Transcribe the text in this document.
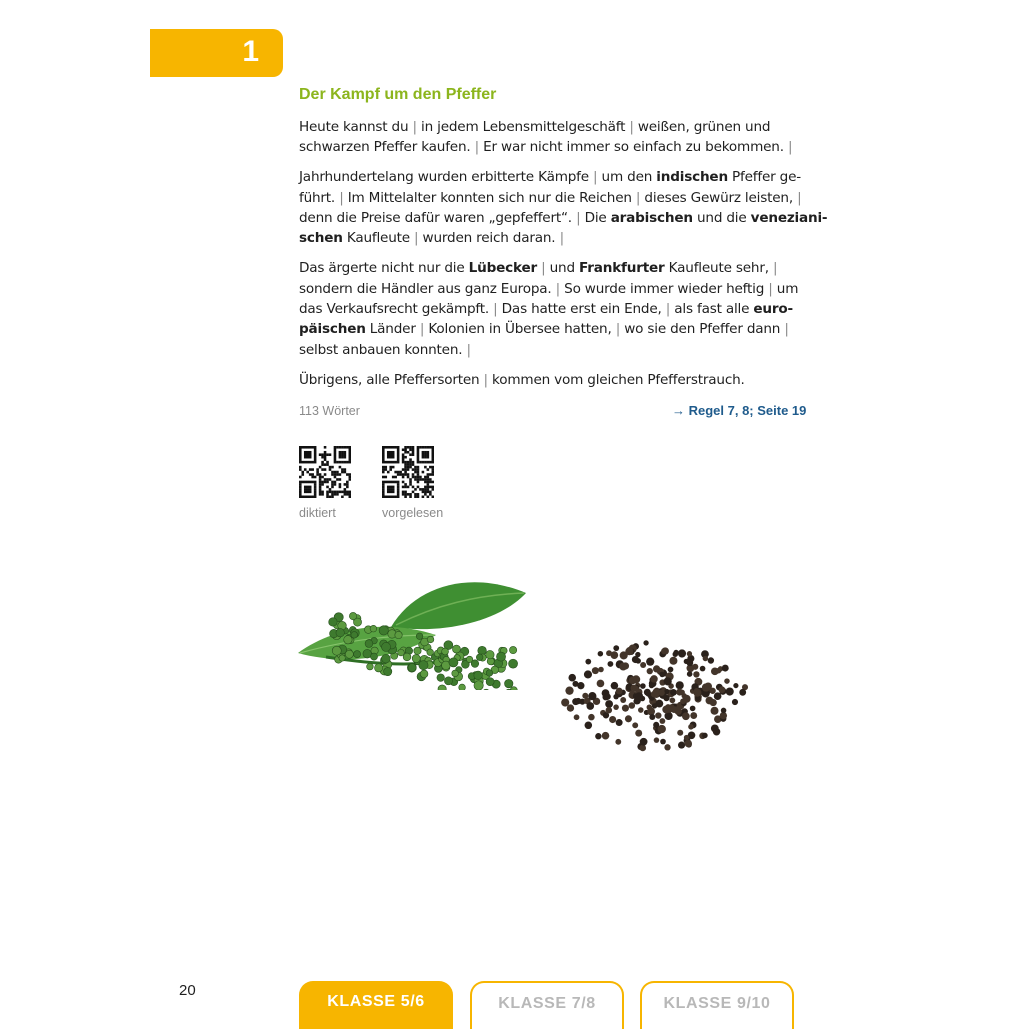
1
Der Kampf um den Pfeffer

Heute kannst du | in jedem Lebensmittelgeschäft | weißen, grünen und
schwarzen Pfeffer kaufen. | Er war nicht immer so einfach zu bekommen. |

Jahrhundertelang wurden erbitterte Kämpfe | um den indischen Pfeffer ge-
führt. | Im Mittelalter konnten sich nur die Reichen | dieses Gewürz leisten, |
denn die Preise dafür waren „gepfeffert“. | Die arabischen und die veneziani-
schen Kaufleute | wurden reich daran. |

Das ärgerte nicht nur die Lübecker | und Frankfurter Kaufleute sehr, |
sondern die Händler aus ganz Europa. | So wurde immer wieder heftig | um
das Verkaufsrecht gekämpft. | Das hatte erst ein Ende, | als fast alle euro-
päischen Länder | Kolonien in Übersee hatten, | wo sie den Pfeffer dann |
selbst anbauen konnten. |

Übrigens, alle Pfeffersorten | kommen vom gleichen Pfefferstrauch.

113 Wörter	→ Regel 7, 8; Seite 19
diktiert	vorgelesen
20
KLASSE 5/6	KLASSE 7/8	KLASSE 9/10
